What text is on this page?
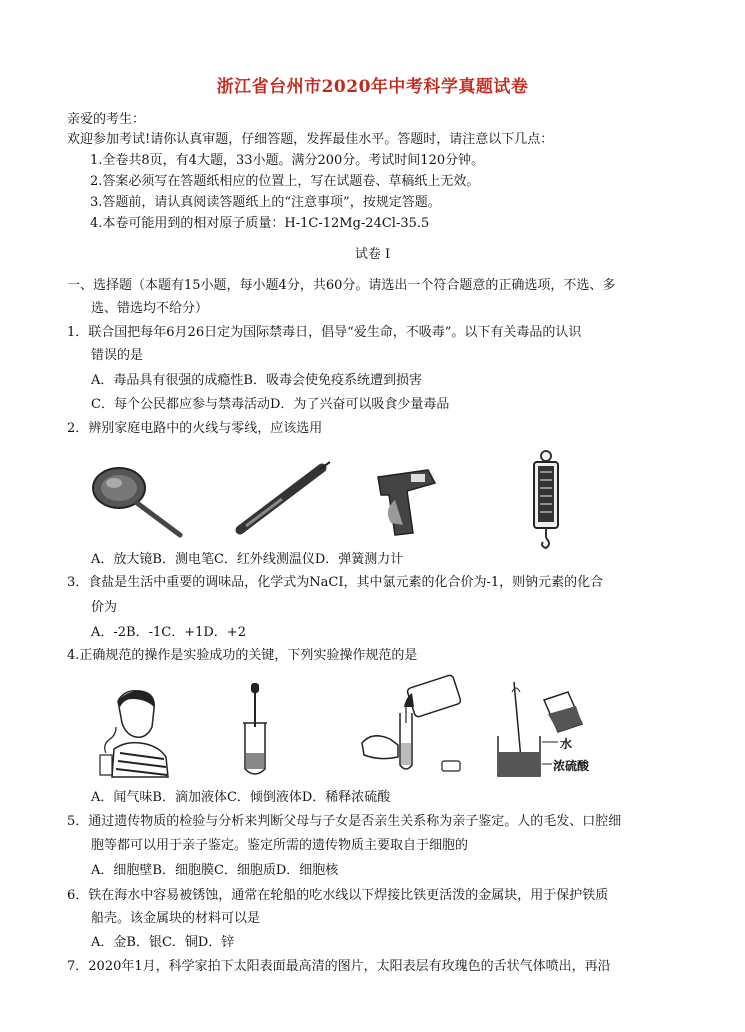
浙江省台州市2020年中考科学真题试卷
亲爱的考生：
欢迎参加考试!请你认真审题，仔细答题，发挥最佳水平。答题时，请注意以下几点：
1.全卷共8页，有4大题，33小题。满分200分。考试时间120分钟。
2.答案必须写在答题纸相应的位置上，写在试题卷、草稿纸上无效。
3.答题前，请认真阅读答题纸上的“注意事项”，按规定答题。
4.本卷可能用到的相对原子质量：H-1C-12Mg-24Cl-35.5
试卷 I
一、选择题（本题有15小题，每小题4分，共60分。请选出一个符合题意的正确选项，不选、多
选、错选均不给分）
1．联合国把每年6月26日定为国际禁毒日，倡导“爱生命，不吸毒”。以下有关毒品的认识
错误的是
A．毒品具有很强的成瘾性B．吸毒会使免疫系统遭到损害
C．每个公民都应参与禁毒活动D．为了兴奋可以吸食少量毒品
2．辨别家庭电路中的火线与零线，应该选用
A．放大镜B．测电笔C．红外线测温仪D．弹簧测力计
3．食盐是生活中重要的调味品，化学式为NaCI，其中氯元素的化合价为-1，则钠元素的化合
价为
A．-2B．-1C．+1D．+2
4.正确规范的操作是实验成功的关键，下列实验操作规范的是
水
浓硫酸
A．闻气味B．滴加液体C．倾倒液体D．稀释浓硫酸
5．通过遗传物质的检验与分析来判断父母与子女是否亲生关系称为亲子鉴定。人的毛发、口腔细
胞等都可以用于亲子鉴定。鉴定所需的遗传物质主要取自于细胞的
A．细胞壁B．细胞膜C．细胞质D．细胞核
6．铁在海水中容易被锈蚀，通常在轮船的吃水线以下焊接比铁更活泼的金属块，用于保护铁质
船壳。该金属块的材料可以是
A．金B．银C．铜D．锌
7．2020年1月，科学家拍下太阳表面最高清的图片，太阳表层有玫瑰色的舌状气体喷出，再沿
